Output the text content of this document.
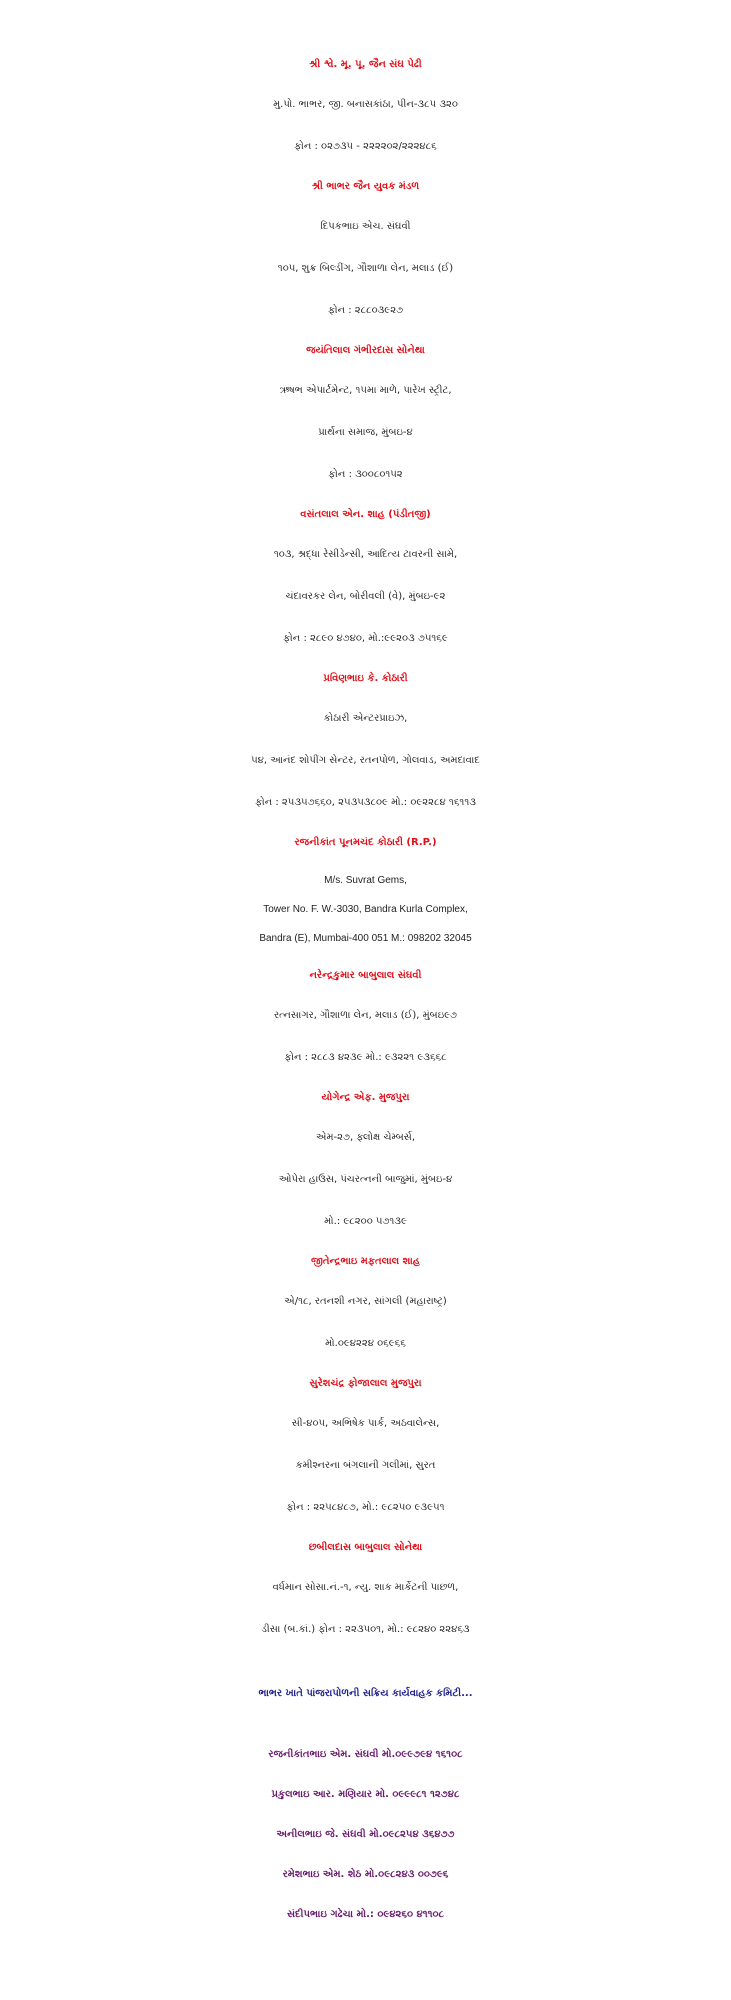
શ્રી શ્વે. મૂ. પૂ. જૈન સંઘ પેઢી
મુ.પો. ભાભર, જી. બનાસકાંઠા, પીન-૩૮૫ ૩૨૦
ફોન : ૦૨૭૩૫ - ૨૨૨૨૦૨/૨૨૨૪૮૬
શ્રી ભાભર જૈન યુવક મંડળ
દિપકભાઇ એચ. સંઘવી
૧૦૫, શુક્ર બિલ્ડીંગ, ગૌશાળા લેન, મલાડ (ઈ)
ફોન : ૨૮૮૦૩૯૨૭
જયંતિલાલ ગંભીરદાસ સોનેથા
ઋષભ એપાર્ટમેન્ટ, ૧૫મા માળે, પારેખ સ્ટ્રીટ,
પ્રાર્થના સમાજ, મુંબઇ-૪
ફોન : ૩૦૦૮૦૧૫૨
વસંતલાલ એન. શાહ (પંડીતજી)
૧૦૩, શ્રદ્ધા રેસીડેન્સી, આદિત્ય ટાવરની સામે,
ચંદાવરકર લેન, બોરીવલી (વે), મુંબઇ-૯૨
ફોન : ૨૮૯૦ ૪૭૪૦, મો.:૯૯૨૦૩ ૭૫૧૬૯
પ્રવિણભાઇ કે. કોઠારી
કોઠારી એન્ટરપ્રાઇઝ,
૫૪, આનંદ શોપીંગ સેન્ટર, રતનપોળ, ગોલવાડ, અમદાવાદ
ફોન : ૨૫૩૫૭૬૬૦, ૨૫૩૫૩૮૦૯ મો.: ૦૯૨૨૮૪ ૧૬૧૧૩
રજનીકાંત પૂનમચંદ કોઠારી (R.P.)
M/s. Suvrat Gems,
Tower No. F. W.-3030, Bandra Kurla Complex,
Bandra (E), Mumbai-400 051 M.: 098202 32045
નરેન્દ્રકુમાર બાબુલાલ સંઘવી
રત્નસાગર, ગૌશાળા લેન, મલાડ (ઈ), મુંબઇ૯૭
ફોન : ૨૮૮૩ ૪૨૩૯ મો.: ૯૩૨૨૧ ૯૩૬૬૮
યોગેન્દ્ર એફ. મુજપુરા
એમ-૨૭, ફ્લોક્ષ ચેમ્બર્સ,
ઓપેરા હાઉસ, પંચરત્નની બાજુમાં, મુંબઇ-૪
મો.: ૯૮૨૦૦ ૫૭૧૩૯
જીતેન્દ્રભાઇ મફતલાલ શાહ
એ/૧૮, રતનશી નગર, સાંગલી (મહારાષ્ટ્ર)
મો.૦૯૪૨૨૪ ૦૬૯૬૬
સુરેશચંદ્ર ફોજાલાલ મુજપુરા
સી-૪૦૫, અભિષેક પાર્ક, અઠવાલેન્સ,
કમીશ્નરના બંગલાની ગલીમાં, સુરત
ફોન : ૨૨૫૮૪૮૭, મો.: ૯૮૨૫૦ ૯૩૯૫૧
છબીલદાસ બાબુલાલ સોનેથા
વર્ધમાન સોસા.નં.-૧, ન્યુ. શાક માર્કેટની પાછળ,
ડીસા (બ.કાં.) ફોન : ૨૨૩૫૦૧, મો.: ૯૮૨૪૦ ૨૨૪૬૩
ભાભર ખાતે પાંજરાપોળની સક્રિય કાર્યવાહક કમિટી...
રજનીકાંતભાઇ એમ. સંઘવી મો.૦૯૯૭૯૪ ૧૬૧૦૮
પ્રકુલભાઇ આર. મણિયાર મો. ૦૯૯૯૮૧ ૧૨૭૪૮
અનીલભાઇ જે. સંઘવી મો.૦૯૮૨૫૪ ૩૬૪૭૭
રમેશભાઇ એમ. શેઠ મો.૦૯૮૨૪૩ ૦૦૭૯૬
સંદીપભાઇ ગઢેચા મો.: ૦૯૪૨૬૦ ૪૧૧૦૮
